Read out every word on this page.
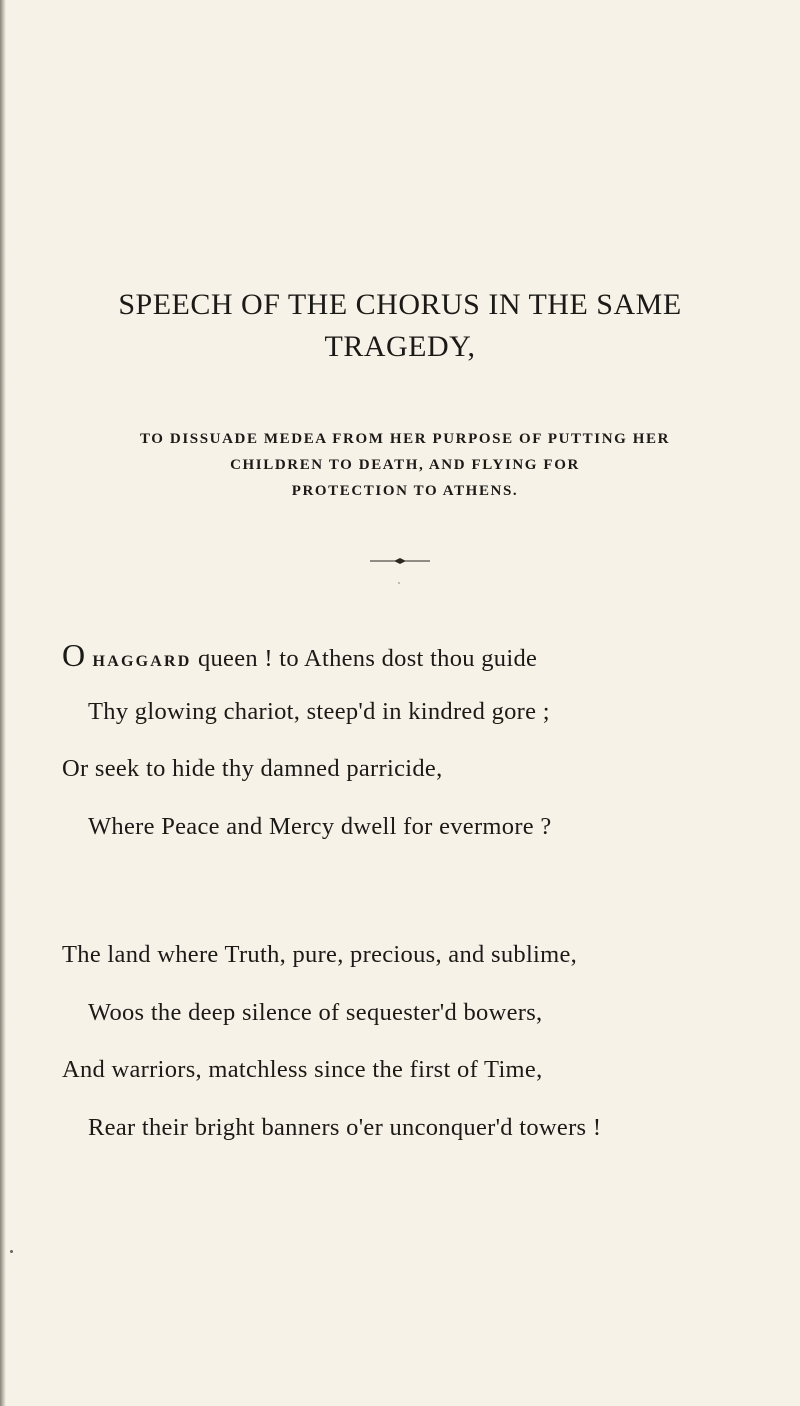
SPEECH OF THE CHORUS IN THE SAME
TRAGEDY,
TO DISSUADE MEDEA FROM HER PURPOSE OF PUTTING HER
CHILDREN TO DEATH, AND FLYING FOR
PROTECTION TO ATHENS.
O HAGGARD queen ! to Athens dost thou guide
Thy glowing chariot, steep'd in kindred gore ;
Or seek to hide thy damned parricide,
Where Peace and Mercy dwell for evermore ?
The land where Truth, pure, precious, and sublime,
Woos the deep silence of sequester'd bowers,
And warriors, matchless since the first of Time,
Rear their bright banners o'er unconquer'd towers !
